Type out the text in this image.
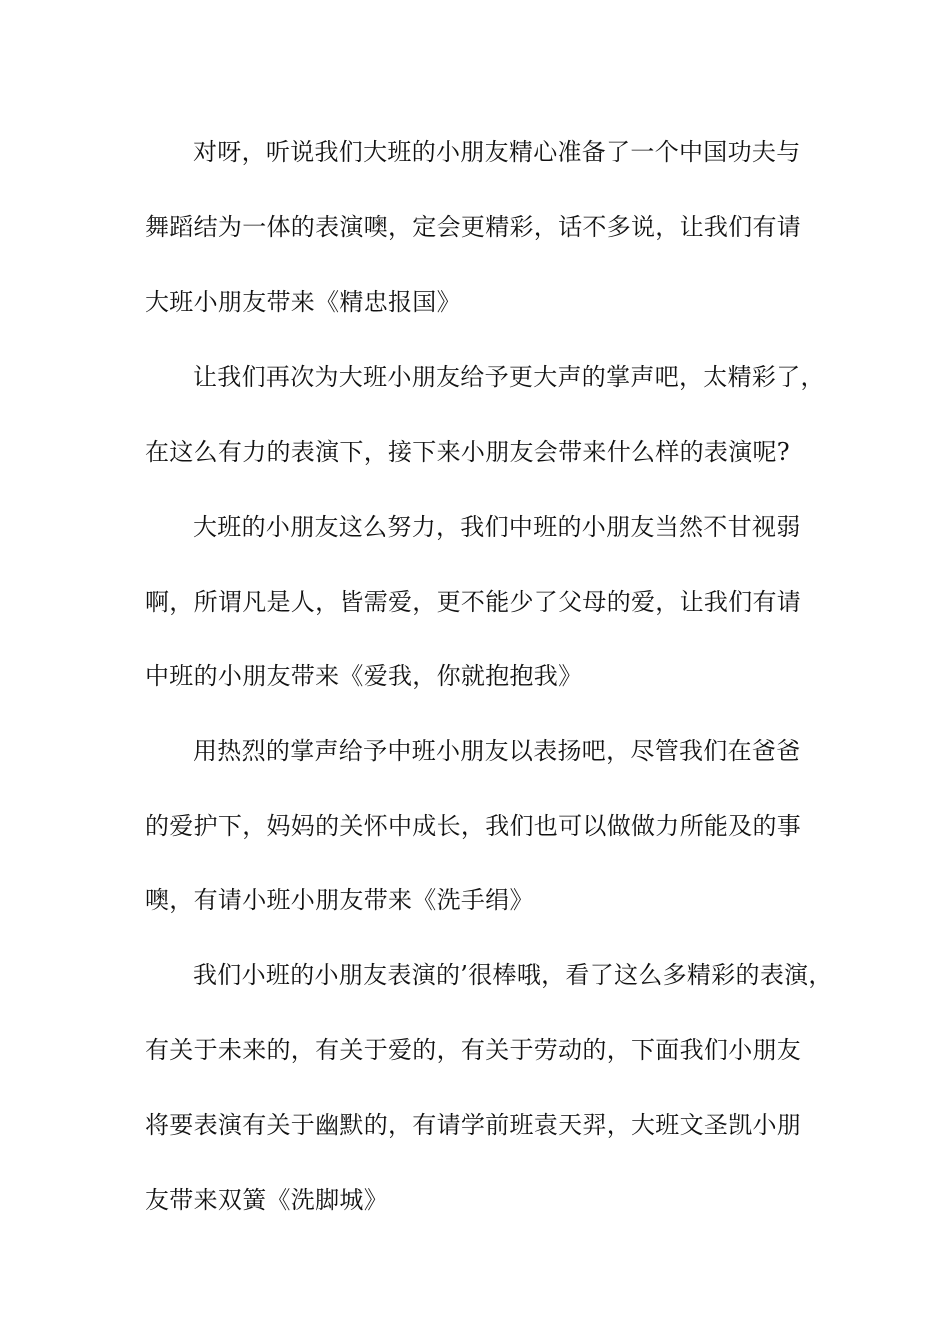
对呀，听说我们大班的小朋友精心准备了一个中国功夫与
舞蹈结为一体的表演噢，定会更精彩，话不多说，让我们有请
大班小朋友带来《精忠报国》
让我们再次为大班小朋友给予更大声的掌声吧，太精彩了，
在这么有力的表演下，接下来小朋友会带来什么样的表演呢?
大班的小朋友这么努力，我们中班的小朋友当然不甘视弱
啊，所谓凡是人，皆需爱，更不能少了父母的爱，让我们有请
中班的小朋友带来《爱我，你就抱抱我》
用热烈的掌声给予中班小朋友以表扬吧，尽管我们在爸爸
的爱护下，妈妈的关怀中成长，我们也可以做做力所能及的事
噢，有请小班小朋友带来《洗手绢》
我们小班的小朋友表演的’很棒哦，看了这么多精彩的表演，
有关于未来的，有关于爱的，有关于劳动的，下面我们小朋友
将要表演有关于幽默的，有请学前班袁天羿，大班文圣凯小朋
友带来双簧《洗脚城》
